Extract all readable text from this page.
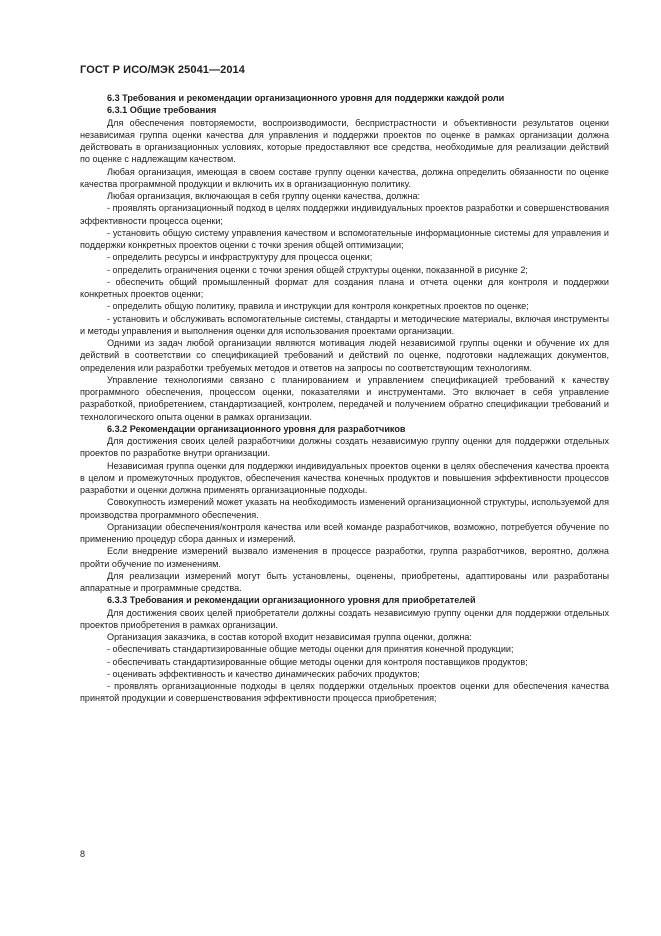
ГОСТ Р ИСО/МЭК 25041—2014

6.3 Требования и рекомендации организационного уровня для поддержки каждой роли

6.3.1 Общие требования

Для обеспечения повторяемости, воспроизводимости, беспристрастности и объективности результатов оценки независимая группа оценки качества для управления и поддержки проектов по оценке в рамках организации должна действовать в организационных условиях, которые предоставляют все средства, необходимые для реализации действий по оценке с надлежащим качеством.

Любая организация, имеющая в своем составе группу оценки качества, должна определить обязанности по оценке качества программной продукции и включить их в организационную политику.

Любая организация, включающая в себя группу оценки качества, должна:

- проявлять организационный подход в целях поддержки индивидуальных проектов разработки и совершенствования эффективности процесса оценки;

- установить общую систему управления качеством и вспомогательные информационные системы для управления и поддержки конкретных проектов оценки с точки зрения общей оптимизации;

- определить ресурсы и инфраструктуру для процесса оценки;

- определить ограничения оценки с точки зрения общей структуры оценки, показанной в рисунке 2;

- обеспечить общий промышленный формат для создания плана и отчета оценки для контроля и поддержки конкретных проектов оценки;

- определить общую политику, правила и инструкции для контроля конкретных проектов по оценке;

- установить и обслуживать вспомогательные системы, стандарты и методические материалы, включая инструменты и методы управления и выполнения оценки для использования проектами организации.

Одними из задач любой организации являются мотивация людей независимой группы оценки и обучение их для действий в соответствии со спецификацией требований и действий по оценке, подготовки надлежащих документов, определения или разработки требуемых методов и ответов на запросы по соответствующим технологиям.

Управление технологиями связано с планированием и управлением спецификацией требований к качеству программного обеспечения, процессом оценки, показателями и инструментами. Это включает в себя управление разработкой, приобретением, стандартизацией, контролем, передачей и получением обратно спецификации требований и технологического опыта оценки в рамках организации.

6.3.2 Рекомендации организационного уровня для разработчиков

Для достижения своих целей разработчики должны создать независимую группу оценки для поддержки отдельных проектов по разработке внутри организации.

Независимая группа оценки для поддержки индивидуальных проектов оценки в целях обеспечения качества проекта в целом и промежуточных продуктов, обеспечения качества конечных продуктов и повышения эффективности процессов разработки и оценки должна применять организационные подходы.

Совокупность измерений может указать на необходимость изменений организационной структуры, используемой для производства программного обеспечения.

Организации обеспечения/контроля качества или всей команде разработчиков, возможно, потребуется обучение по применению процедур сбора данных и измерений.

Если внедрение измерений вызвало изменения в процессе разработки, группа разработчиков, вероятно, должна пройти обучение по изменениям.

Для реализации измерений могут быть установлены, оценены, приобретены, адаптированы или разработаны аппаратные и программные средства.

6.3.3 Требования и рекомендации организационного уровня для приобретателей

Для достижения своих целей приобретатели должны создать независимую группу оценки для поддержки отдельных проектов приобретения в рамках организации.

Организация заказчика, в состав которой входит независимая группа оценки, должна:

- обеспечивать стандартизированные общие методы оценки для принятия конечной продукции;

- обеспечивать стандартизированные общие методы оценки для контроля поставщиков продуктов;

- оценивать эффективность и качество динамических рабочих продуктов;

- проявлять организационные подходы в целях поддержки отдельных проектов оценки для обеспечения качества принятой продукции и совершенствования эффективности процесса приобретения;

8
